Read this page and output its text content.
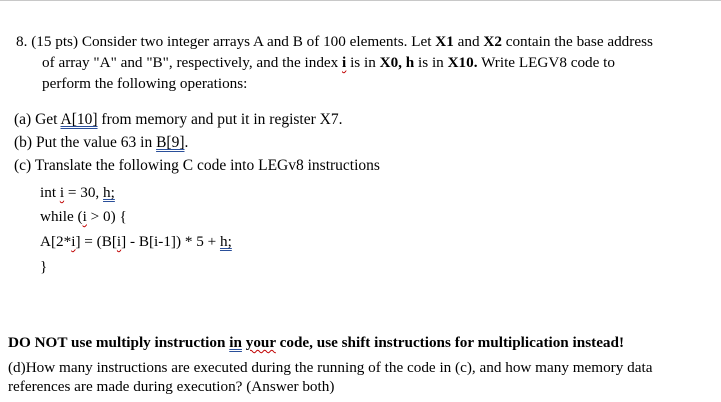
8. (15 pts) Consider two integer arrays A and B of 100 elements. Let X1 and X2 contain the base address
of array "A" and "B", respectively, and the index i is in X0, h is in X10. Write LEGV8 code to
perform the following operations:
(a) Get A[10] from memory and put it in register X7.
(b) Put the value 63 in B[9].
(c) Translate the following C code into LEGv8 instructions
int i = 30, h;
while (i > 0) {
A[2*i] = (B[i] - B[i-1]) * 5 + h;
}
DO NOT use multiply instruction in your code, use shift instructions for multiplication instead!
(d)How many instructions are executed during the running of the code in (c), and how many memory data
references are made during execution? (Answer both)
